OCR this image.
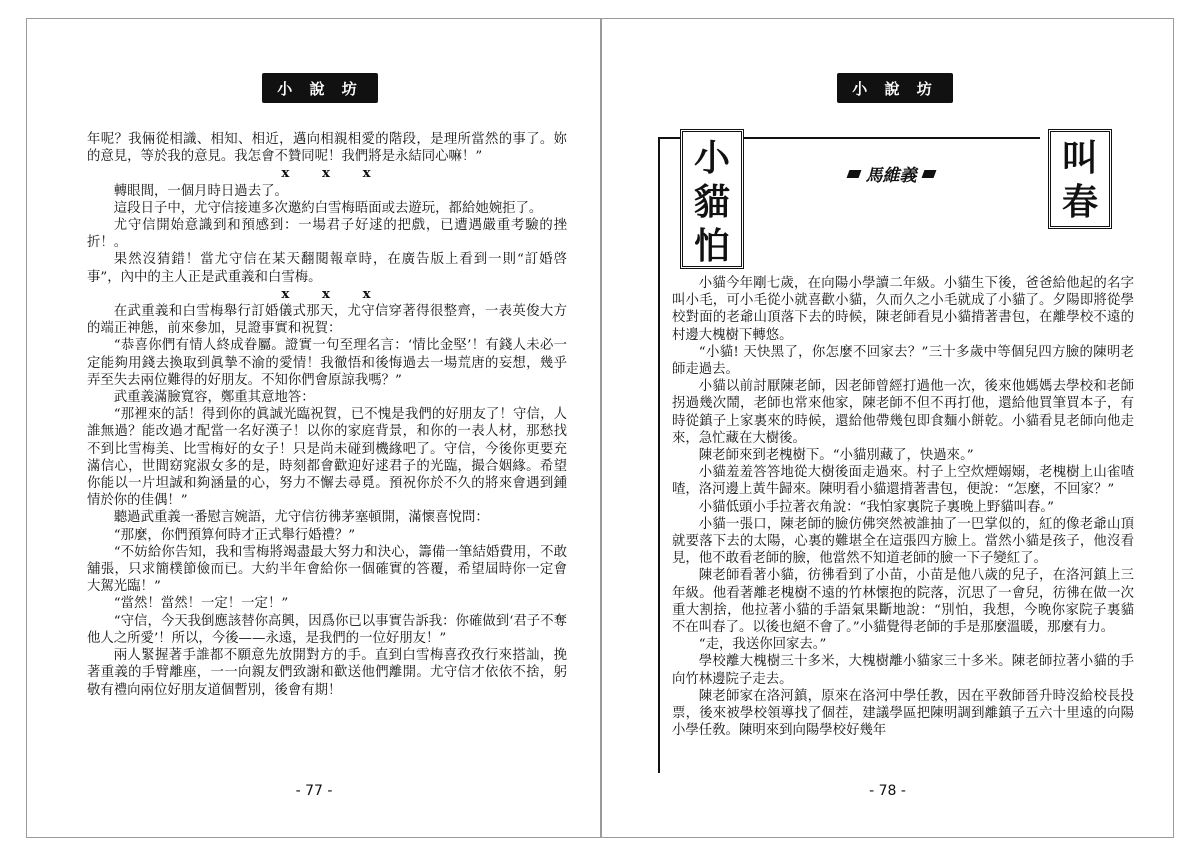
小 說 坊

年呢？我倆從相識、相知、相近，邁向相親相愛的階段，是理所當然的事了。妳的意見，等於我的意見。我怎會不贊同呢！我們將是永結同心嘛！”

x x x

轉眼間，一個月時日過去了。

這段日子中，尤守信接連多次邀約白雪梅晤面或去遊玩，都給她婉拒了。

尤守信開始意識到和預感到：一場君子好逑的把戲，已遭遇嚴重考驗的挫折！。

果然沒猜錯！當尤守信在某天翻閱報章時，在廣告版上看到一則“訂婚啓事”，內中的主人正是武重義和白雪梅。

x x x

在武重義和白雪梅舉行訂婚儀式那天，尤守信穿著得很整齊，一表英俊大方的端正神態，前來參加，見證事實和祝賀：

“恭喜你們有情人終成眷屬。證實一句至理名言：‘情比金堅’！有錢人未必一定能夠用錢去換取到眞摯不渝的愛情！我徹悟和後悔過去一場荒唐的妄想，幾乎弄至失去兩位難得的好朋友。不知你們會原諒我嗎？”

武重義滿臉寬容，鄭重其意地答：

“那裡來的話！得到你的眞誠光臨祝賀，已不愧是我們的好朋友了！守信，人誰無過？能改過才配當一名好漢子！以你的家庭背景，和你的一表人材，那愁找不到比雪梅美、比雪梅好的女子！只是尚未碰到機緣吧了。守信，今後你更要充滿信心，世間窈窕淑女多的是，時刻都會歡迎好逑君子的光臨，撮合姻緣。希望你能以一片坦誠和夠涵量的心，努力不懈去尋覓。預祝你於不久的將來會遇到鍾情於你的佳偶！”

聽過武重義一番慰言婉語，尤守信彷彿茅塞頓開，滿懷喜悅問：

“那麼，你們預算何時才正式舉行婚禮？”

“不妨給你告知，我和雪梅將竭盡最大努力和決心，籌備一筆結婚費用，不敢舖張，只求簡樸節儉而已。大約半年會給你一個確實的答覆，希望屆時你一定會大駕光臨！”

“當然！當然！一定！一定！”

“守信，今天我倒應該替你高興，因爲你已以事實告訴我：你確做到‘君子不奪他人之所愛’！所以，今後——永遠，是我們的一位好朋友！”

兩人緊握著手誰都不願意先放開對方的手。直到白雪梅喜孜孜行來搭訕，挽著重義的手臂離座，一一向親友們致謝和歡送他們離開。尤守信才依依不捨，躬敬有禮向兩位好朋友道個暫別，後會有期！

- 77 -
小 說 坊
小
貓
怕
叫
春
馬維義

小貓今年剛七歲，在向陽小學讀二年級。小貓生下後，爸爸給他起的名字叫小毛，可小毛從小就喜歡小貓，久而久之小毛就成了小貓了。夕陽即將從學校對面的老爺山頂落下去的時候，陳老師看見小貓揹著書包，在離學校不遠的村邊大槐樹下轉悠。

“小貓! 天快黑了，你怎麼不回家去？”三十多歲中等個兒四方臉的陳明老師走過去。

小貓以前討厭陳老師，因老師曾經打過他一次，後來他媽媽去學校和老師拐過幾次鬧，老師也常來他家，陳老師不但不再打他，還給他買筆買本子，有時從鎮子上家裏來的時候，還給他帶幾包即食麵小餅乾。小貓看見老師向他走來，急忙藏在大樹後。

陳老師來到老槐樹下。“小貓別藏了，快過來。”

小貓羞羞答答地從大樹後面走過來。村子上空炊煙嫋嫋，老槐樹上山雀喳喳，洛河邊上黃牛歸來。陳明看小貓還揹著書包，便說：“怎麼，不回家？”

小貓低頭小手拉著衣角說：“我怕家裏院子裏晚上野貓叫春。”

小貓一張口，陳老師的臉仿佛突然被誰抽了一巴掌似的，紅的像老爺山頂就要落下去的太陽，心裏的難堪全在這張四方臉上。當然小貓是孩子，他沒看見，他不敢看老師的臉，他當然不知道老師的臉一下子變紅了。

陳老師看著小貓，彷彿看到了小苗，小苗是他八歲的兒子，在洛河鎮上三年級。他看著離老槐樹不遠的竹林懷抱的院落，沉思了一會兒，彷彿在做一次重大割捨，他拉著小貓的手語氣果斷地說：“別怕，我想，今晚你家院子裏貓不在叫春了。以後也絕不會了。”小貓覺得老師的手是那麼溫暖，那麼有力。

“走，我送你回家去。”

學校離大槐樹三十多米，大槐樹離小貓家三十多米。陳老師拉著小貓的手向竹林邊院子走去。

陳老師家在洛河鎮，原來在洛河中學任教，因在平敎師晉升時沒給校長投票，後來被學校領導找了個茬，建議學區把陳明調到離鎮子五六十里遠的向陽小學任敎。陳明來到向陽學校好幾年

- 78 -
